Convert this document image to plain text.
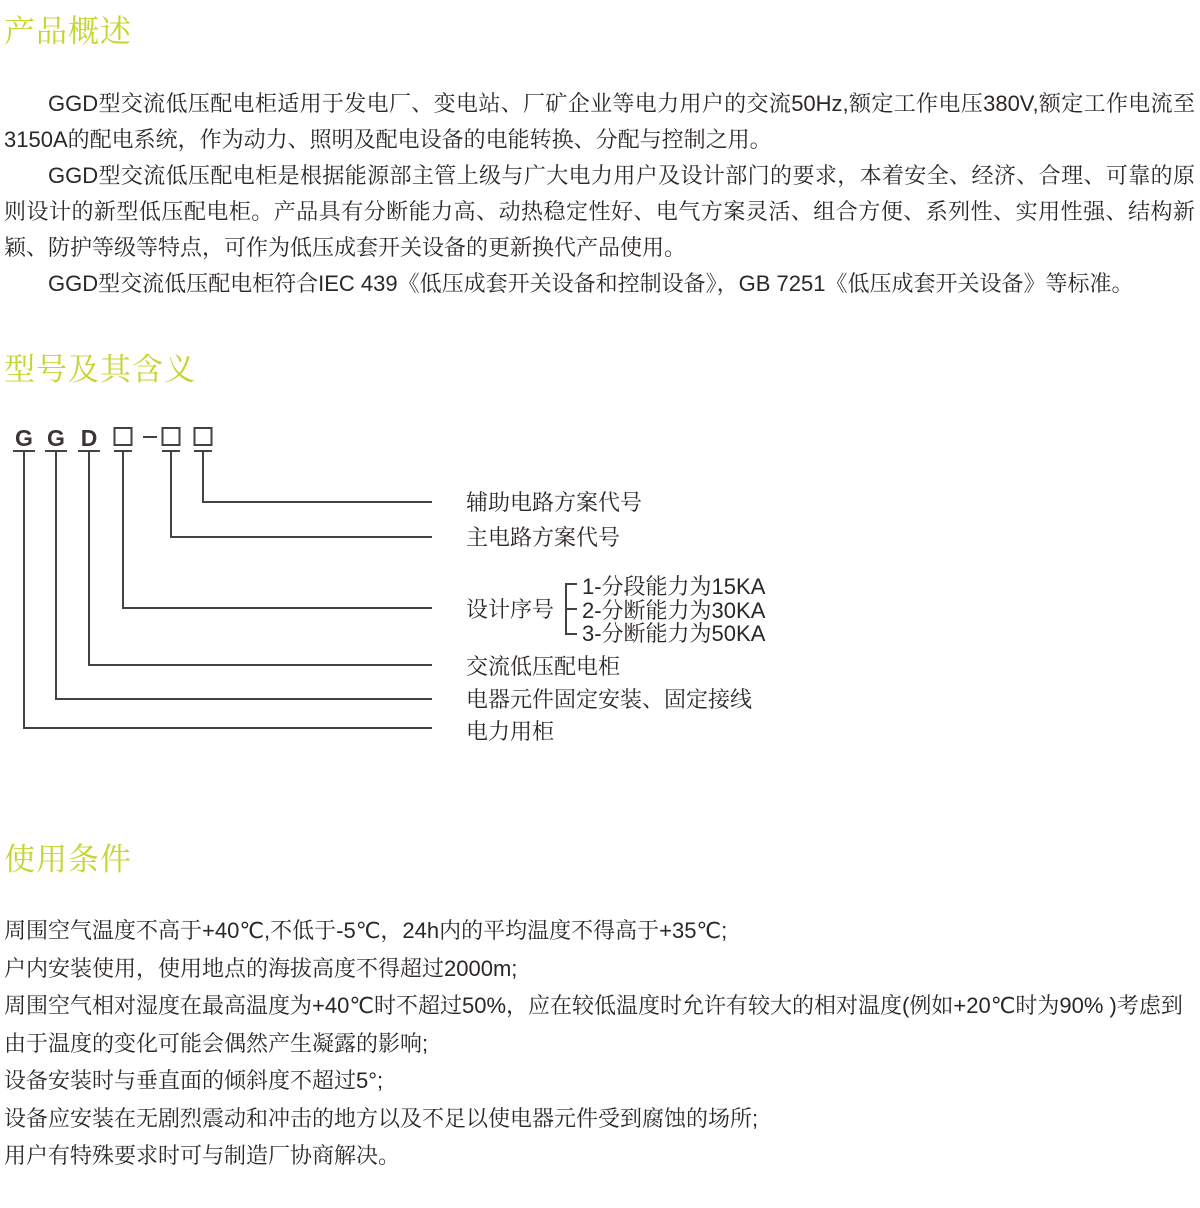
产品概述

GGD型交流低压配电柜适用于发电厂、变电站、厂矿企业等电力用户的交流50Hz,额定工作电压380V,额定工作电流至3150A的配电系统，作为动力、照明及配电设备的电能转换、分配与控制之用。

GGD型交流低压配电柜是根据能源部主管上级与广大电力用户及设计部门的要求，本着安全、经济、合理、可靠的原则设计的新型低压配电柜。产品具有分断能力高、动热稳定性好、电气方案灵活、组合方便、系列性、实用性强、结构新颖、防护等级等特点，可作为低压成套开关设备的更新换代产品使用。

GGD型交流低压配电柜符合IEC 439《低压成套开关设备和控制设备》，GB 7251《低压成套开关设备》等标准。

型号及其含义
G G D
辅助电路方案代号
主电路方案代号
设计序号
1-分段能力为15KA
2-分断能力为30KA
3-分断能力为50KA
交流低压配电柜
电器元件固定安装、固定接线
电力用柜
使用条件

周围空气温度不高于+40℃,不低于-5℃，24h内的平均温度不得高于+35℃;

户内安装使用，使用地点的海拔高度不得超过2000m;

周围空气相对湿度在最高温度为+40℃时不超过50%，应在较低温度时允许有较大的相对温度(例如+20℃时为90% )考虑到由于温度的变化可能会偶然产生凝露的影响;

设备安装时与垂直面的倾斜度不超过5°;

设备应安装在无剧烈震动和冲击的地方以及不足以使电器元件受到腐蚀的场所;

用户有特殊要求时可与制造厂协商解决。
